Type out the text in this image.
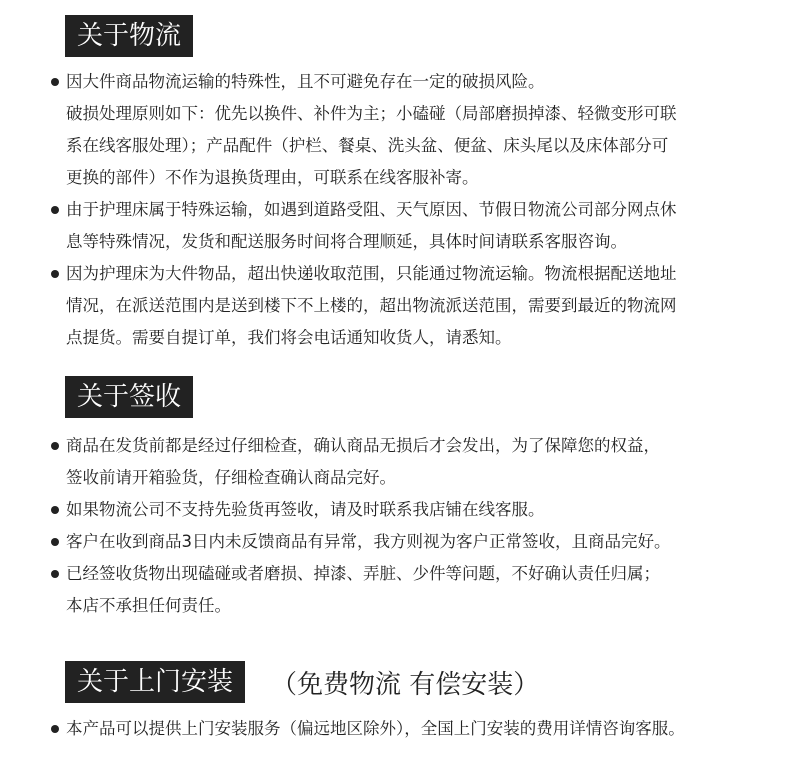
关于物流
因大件商品物流运输的特殊性，且不可避免存在一定的破损风险。
破损处理原则如下：优先以换件、补件为主；小磕碰（局部磨损掉漆、轻微变形可联
系在线客服处理）；产品配件（护栏、餐桌、洗头盆、便盆、床头尾以及床体部分可
更换的部件）不作为退换货理由，可联系在线客服补寄。
由于护理床属于特殊运输，如遇到道路受阻、天气原因、节假日物流公司部分网点休
息等特殊情况，发货和配送服务时间将合理顺延，具体时间请联系客服咨询。
因为护理床为大件物品，超出快递收取范围，只能通过物流运输。物流根据配送地址
情况，在派送范围内是送到楼下不上楼的，超出物流派送范围，需要到最近的物流网
点提货。需要自提订单，我们将会电话通知收货人，请悉知。
关于签收
商品在发货前都是经过仔细检查，确认商品无损后才会发出，为了保障您的权益，
签收前请开箱验货，仔细检查确认商品完好。
如果物流公司不支持先验货再签收，请及时联系我店铺在线客服。
客户在收到商品3日内未反馈商品有异常，我方则视为客户正常签收，且商品完好。
已经签收货物出现磕碰或者磨损、掉漆、弄脏、少件等问题，不好确认责任归属；
本店不承担任何责任。
关于上门安装	（免费物流 有偿安装）
本产品可以提供上门安装服务（偏远地区除外），全国上门安装的费用详情咨询客服。
